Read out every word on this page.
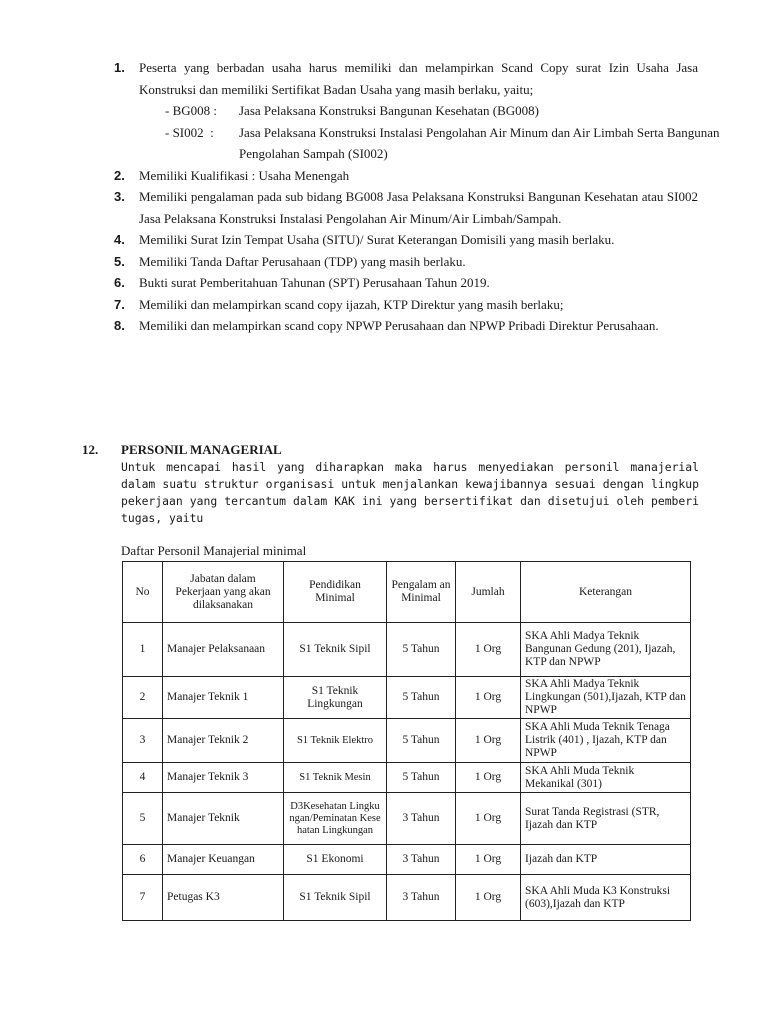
1. Peserta yang berbadan usaha harus memiliki dan melampirkan Scand Copy surat Izin Usaha Jasa Konstruksi dan memiliki Sertifikat Badan Usaha yang masih berlaku, yaitu;
- BG008 : Jasa Pelaksana Konstruksi Bangunan Kesehatan (BG008)
- SI002  : Jasa Pelaksana Konstruksi Instalasi Pengolahan Air Minum dan Air Limbah Serta Bangunan Pengolahan Sampah (SI002)
2. Memiliki Kualifikasi : Usaha Menengah
3. Memiliki pengalaman pada sub bidang BG008 Jasa Pelaksana Konstruksi Bangunan Kesehatan atau SI002 Jasa Pelaksana Konstruksi Instalasi Pengolahan Air Minum/Air Limbah/Sampah.
4. Memiliki Surat Izin Tempat Usaha (SITU)/ Surat Keterangan Domisili yang masih berlaku.
5. Memiliki Tanda Daftar Perusahaan (TDP) yang masih berlaku.
6. Bukti surat Pemberitahuan Tahunan (SPT) Perusahaan Tahun 2019.
7. Memiliki dan melampirkan scand copy ijazah, KTP Direktur yang masih berlaku;
8. Memiliki dan melampirkan scand copy NPWP Perusahaan dan NPWP Pribadi Direktur Perusahaan.
12. PERSONIL MANAGERIAL
Untuk mencapai hasil yang diharapkan maka harus menyediakan personil manajerial dalam suatu struktur organisasi untuk menjalankan kewajibannya sesuai dengan lingkup pekerjaan yang tercantum dalam KAK ini yang bersertifikat dan disetujui oleh pemberi tugas, yaitu
Daftar Personil Manajerial minimal
No	Jabatan dalam Pekerjaan yang akan dilaksanakan	Pendidikan Minimal	Pengalam an Minimal	Jumlah	Keterangan
1	Manajer Pelaksanaan	S1 Teknik Sipil	5 Tahun	1 Org	SKA Ahli Madya Teknik Bangunan Gedung (201), Ijazah, KTP dan NPWP
2	Manajer Teknik 1	S1 Teknik Lingkungan	5 Tahun	1 Org	SKA Ahli Madya Teknik Lingkungan (501),Ijazah, KTP dan NPWP
3	Manajer Teknik 2	S1 Teknik Elektro	5 Tahun	1 Org	SKA Ahli Muda Teknik Tenaga Listrik (401) , Ijazah, KTP dan NPWP
4	Manajer Teknik 3	S1 Teknik Mesin	5 Tahun	1 Org	SKA Ahli Muda Teknik Mekanikal (301)
5	Manajer Teknik	D3Kesehatan Lingkungan/Peminatan Kesehatan Lingkungan	3 Tahun	1 Org	Surat Tanda Registrasi (STR, Ijazah dan KTP
6	Manajer Keuangan	S1 Ekonomi	3 Tahun	1 Org	Ijazah dan KTP
7	Petugas K3	S1 Teknik Sipil	3 Tahun	1 Org	SKA Ahli Muda K3 Konstruksi (603),Ijazah dan KTP
